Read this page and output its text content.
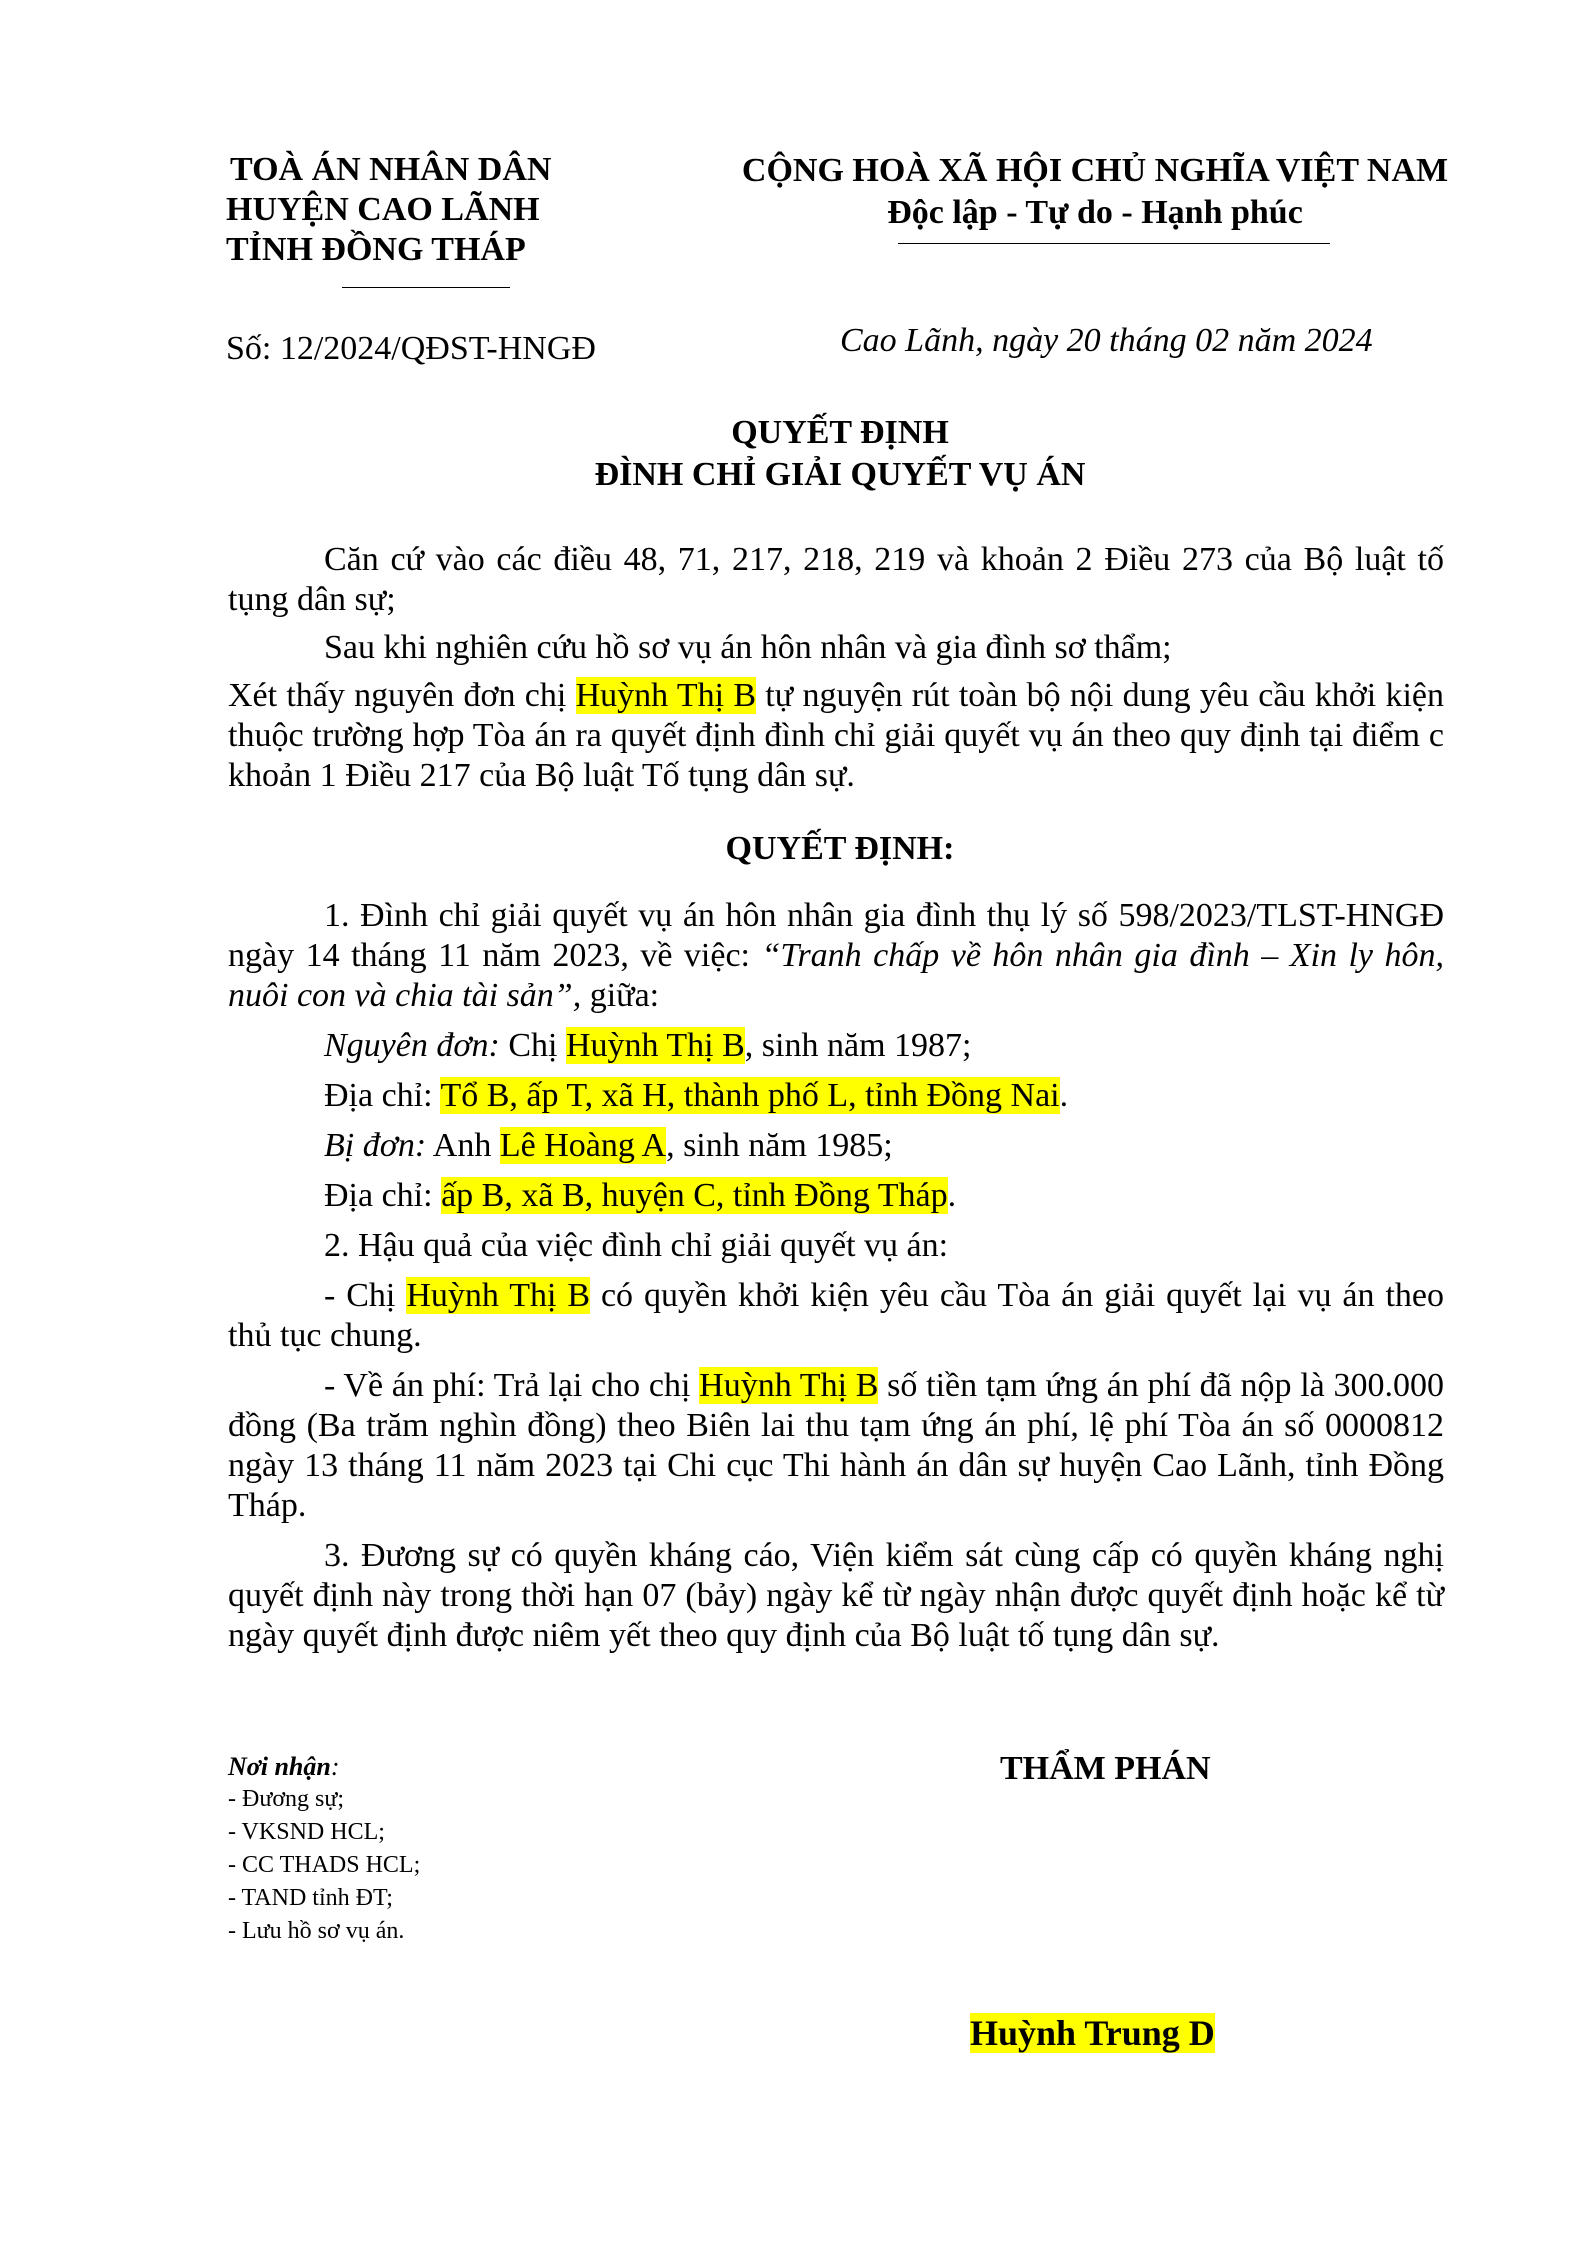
TOÀ ÁN NHÂN DÂN
HUYỆN CAO LÃNH
TỈNH ĐỒNG THÁP
CỘNG HOÀ XÃ HỘI CHỦ NGHĨA VIỆT NAM
Độc lập - Tự do - Hạnh phúc
Số: 12/2024/QĐST-HNGĐ	Cao Lãnh, ngày 20 tháng 02 năm 2024
QUYẾT ĐỊNH
ĐÌNH CHỈ GIẢI QUYẾT VỤ ÁN

Căn cứ vào các điều 48, 71, 217, 218, 219 và khoản 2 Điều 273 của Bộ luật tố tụng dân sự;

Sau khi nghiên cứu hồ sơ vụ án hôn nhân và gia đình sơ thẩm;

Xét thấy nguyên đơn chị Huỳnh Thị B tự nguyện rút toàn bộ nội dung yêu cầu khởi kiện thuộc trường hợp Tòa án ra quyết định đình chỉ giải quyết vụ án theo quy định tại điểm c khoản 1 Điều 217 của Bộ luật Tố tụng dân sự.

QUYẾT ĐỊNH:

1. Đình chỉ giải quyết vụ án hôn nhân gia đình thụ lý số 598/2023/TLST-HNGĐ ngày 14 tháng 11 năm 2023, về việc: “Tranh chấp về hôn nhân gia đình – Xin ly hôn, nuôi con và chia tài sản”, giữa:

Nguyên đơn: Chị Huỳnh Thị B, sinh năm 1987;

Địa chỉ: Tổ B, ấp T, xã H, thành phố L, tỉnh Đồng Nai.

Bị đơn: Anh Lê Hoàng A, sinh năm 1985;

Địa chỉ: ấp B, xã B, huyện C, tỉnh Đồng Tháp.

2. Hậu quả của việc đình chỉ giải quyết vụ án:

- Chị Huỳnh Thị B có quyền khởi kiện yêu cầu Tòa án giải quyết lại vụ án theo thủ tục chung.

- Về án phí: Trả lại cho chị Huỳnh Thị B số tiền tạm ứng án phí đã nộp là 300.000 đồng (Ba trăm nghìn đồng) theo Biên lai thu tạm ứng án phí, lệ phí Tòa án số 0000812 ngày 13 tháng 11 năm 2023 tại Chi cục Thi hành án dân sự huyện Cao Lãnh, tỉnh Đồng Tháp.

3. Đương sự có quyền kháng cáo, Viện kiểm sát cùng cấp có quyền kháng nghị quyết định này trong thời hạn 07 (bảy) ngày kể từ ngày nhận được quyết định hoặc kể từ ngày quyết định được niêm yết theo quy định của Bộ luật tố tụng dân sự.

Nơi nhận:
- Đương sự;
- VKSND HCL;
- CC THADS HCL;
- TAND tỉnh ĐT;
- Lưu hồ sơ vụ án.
THẨM PHÁN
Huỳnh Trung D
